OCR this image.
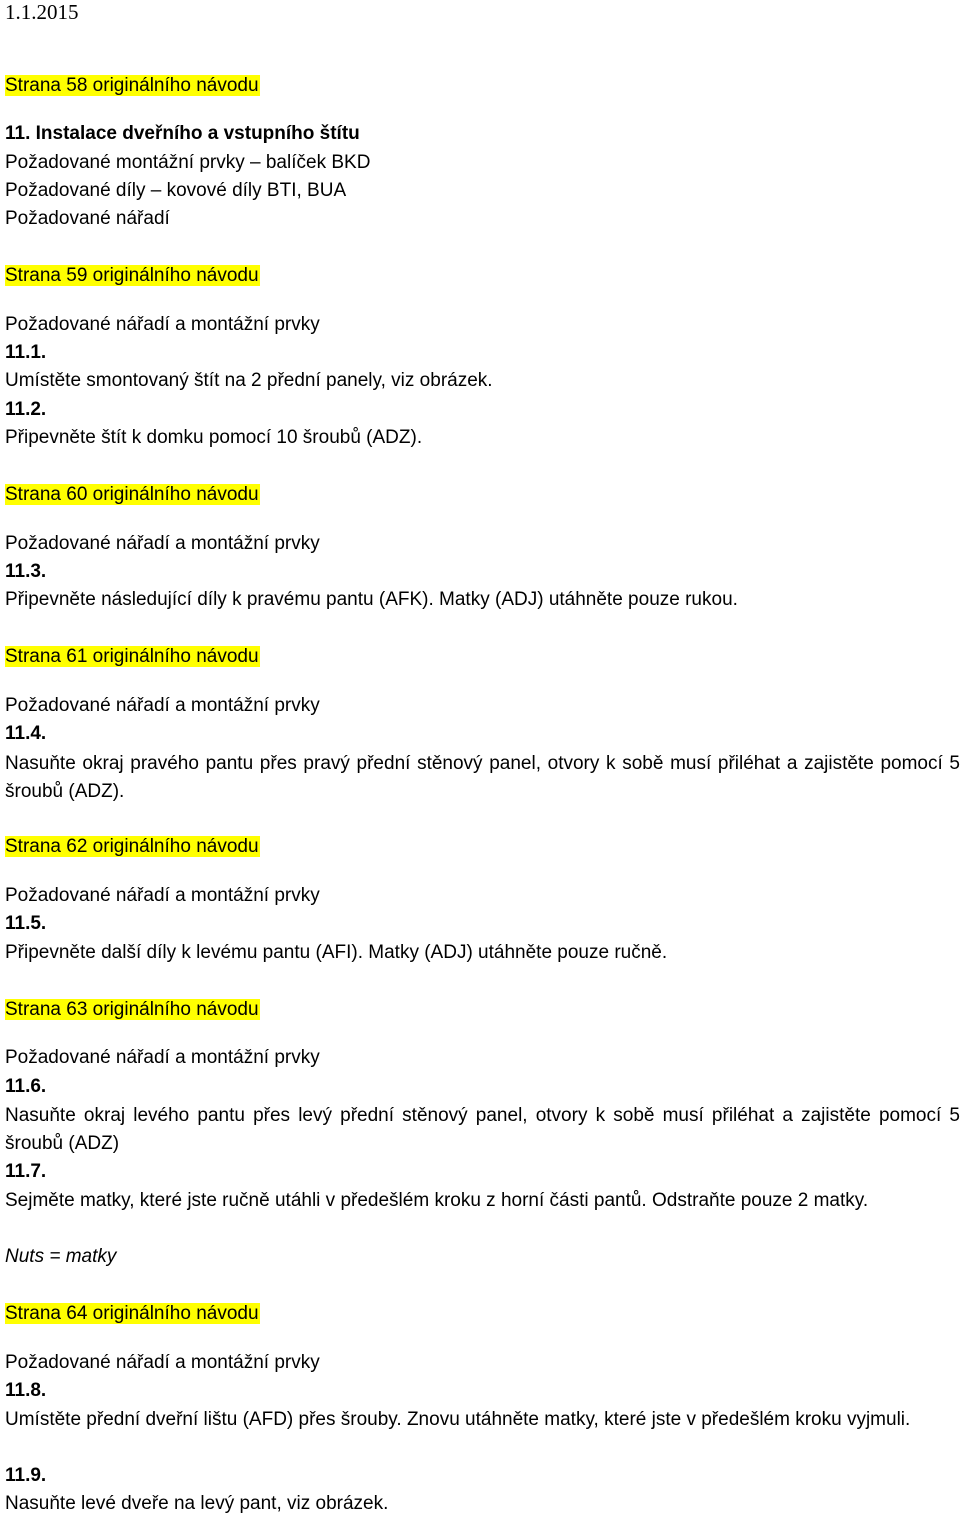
1.1.2015

Strana 58 originálního návodu

11. Instalace dveřního a vstupního štítu

Požadované montážní prvky – balíček BKD

Požadované díly – kovové díly BTI, BUA

Požadované nářadí

Strana 59 originálního návodu

Požadované nářadí a montážní prvky

11.1.

Umístěte smontovaný štít na 2 přední panely, viz obrázek.

11.2.

Připevněte štít k domku pomocí 10 šroubů (ADZ).

Strana 60 originálního návodu

Požadované nářadí a montážní prvky

11.3.

Připevněte následující díly k pravému pantu (AFK). Matky (ADJ) utáhněte pouze rukou.

Strana 61 originálního návodu

Požadované nářadí a montážní prvky

11.4.

Nasuňte okraj pravého pantu přes pravý přední stěnový panel, otvory k sobě musí přiléhat a zajistěte pomocí 5 šroubů (ADZ).

Strana 62 originálního návodu

Požadované nářadí a montážní prvky

11.5.

Připevněte další díly k levému pantu (AFI). Matky (ADJ) utáhněte pouze ručně.

Strana 63 originálního návodu

Požadované nářadí a montážní prvky

11.6.

Nasuňte okraj levého pantu přes levý přední stěnový panel, otvory k sobě musí přiléhat a zajistěte pomocí 5 šroubů (ADZ)

11.7.

Sejměte matky, které jste ručně utáhli v předešlém kroku z horní části pantů. Odstraňte pouze 2 matky.

Nuts = matky

Strana 64 originálního návodu

Požadované nářadí a montážní prvky

11.8.

Umístěte přední dveřní lištu (AFD) přes šrouby. Znovu utáhněte matky, které jste v předešlém kroku vyjmuli.

11.9.

Nasuňte levé dveře na levý pant, viz obrázek.
